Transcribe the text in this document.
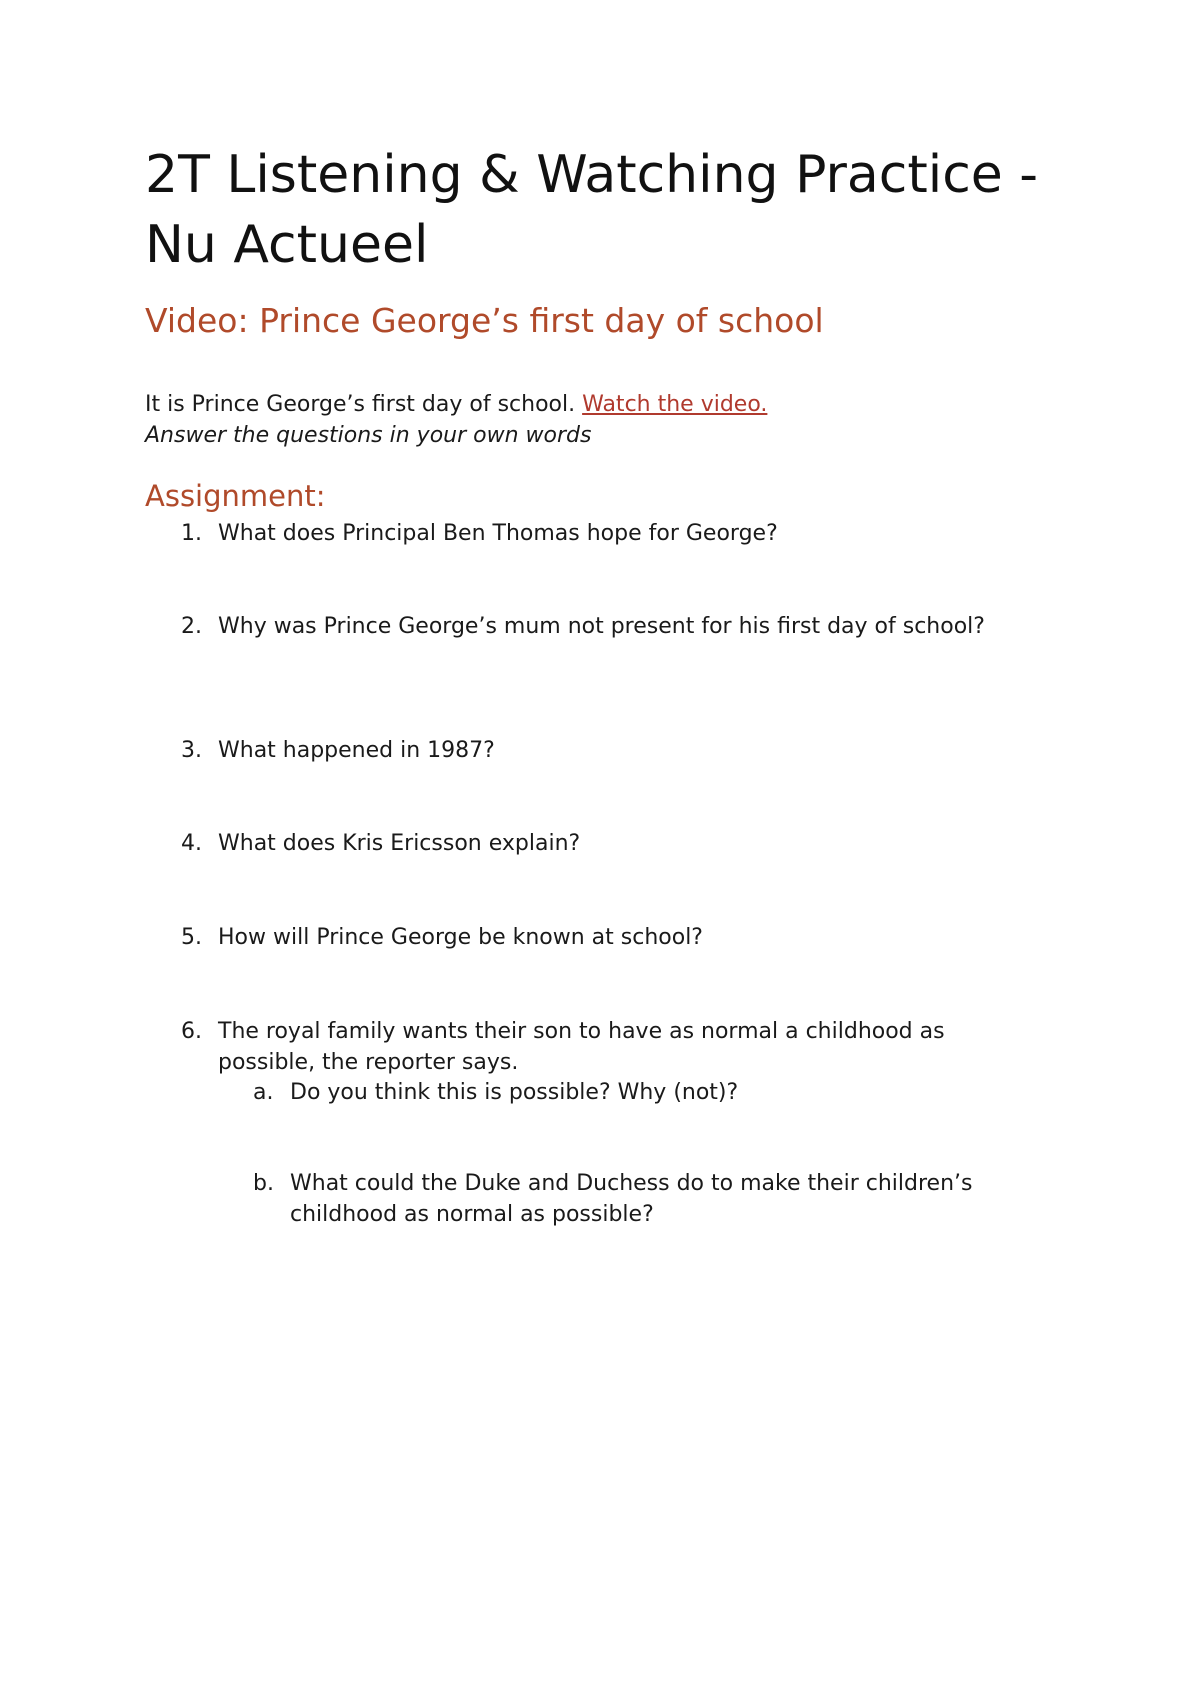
2T Listening & Watching Practice - Nu Actueel
Video: Prince George’s first day of school

It is Prince George’s first day of school. Watch the video.

Answer the questions in your own words

Assignment:
1. What does Principal Ben Thomas hope for George?
2. Why was Prince George’s mum not present for his first day of school?
3. What happened in 1987?
4. What does Kris Ericsson explain?
5. How will Prince George be known at school?
6. The royal family wants their son to have as normal a childhood as possible, the reporter says.
a. Do you think this is possible? Why (not)?
b. What could the Duke and Duchess do to make their children’s childhood as normal as possible?
